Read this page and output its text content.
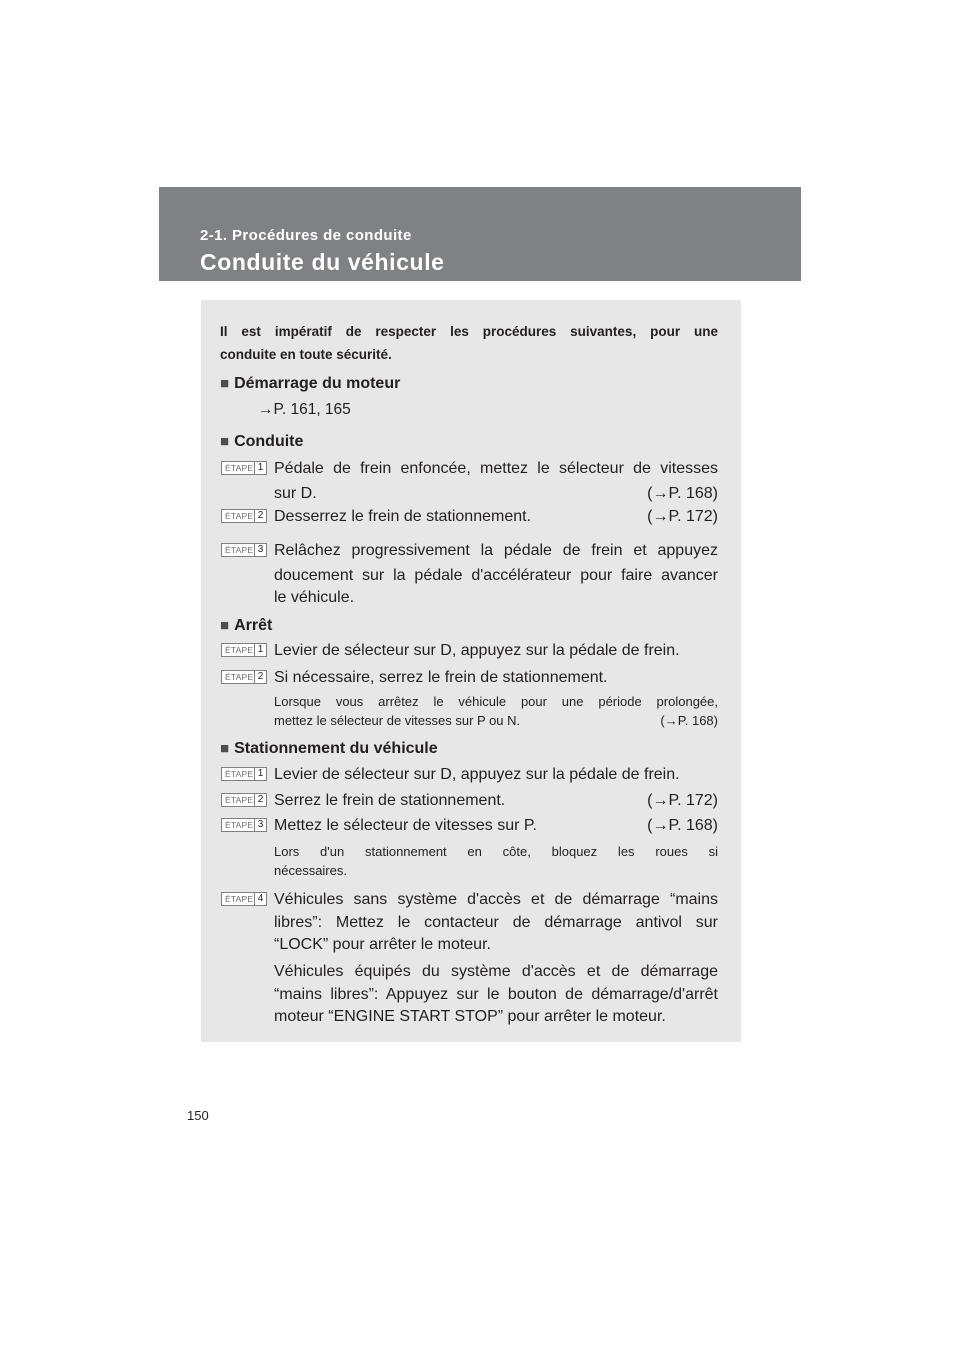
2-1. Procédures de conduite
Conduite du véhicule

Il est impératif de respecter les procédures suivantes, pour une

conduite en toute sécurité.

■ Démarrage du moteur
→P. 161, 165
■ Conduite
ÉTAPE 1 Pédale de frein enfoncée, mettez le sélecteur de vitesses

sur D.	(→P. 168)
ÉTAPE 2 Desserrez le frein de stationnement.	(→P. 172)
ÉTAPE 3 Relâchez progressivement la pédale de frein et appuyez

doucement sur la pédale d'accélérateur pour faire avancer

le véhicule.

■ Arrêt
ÉTAPE 1 Levier de sélecteur sur D, appuyez sur la pédale de frein.

ÉTAPE 2 Si nécessaire, serrez le frein de stationnement.

Lorsque vous arrêtez le véhicule pour une période prolongée,

mettez le sélecteur de vitesses sur P ou N.	(→P. 168)
■ Stationnement du véhicule
ÉTAPE 1 Levier de sélecteur sur D, appuyez sur la pédale de frein.

ÉTAPE 2 Serrez le frein de stationnement.	(→P. 172)
ÉTAPE 3 Mettez le sélecteur de vitesses sur P.	(→P. 168)

Lors d'un stationnement en côte, bloquez les roues si

nécessaires.

ÉTAPE 4 Véhicules sans système d'accès et de démarrage “mains

libres”: Mettez le contacteur de démarrage antivol sur

“LOCK” pour arrêter le moteur.

Véhicules équipés du système d'accès et de démarrage

“mains libres”: Appuyez sur le bouton de démarrage/d'arrêt

moteur “ENGINE START STOP” pour arrêter le moteur.

150
